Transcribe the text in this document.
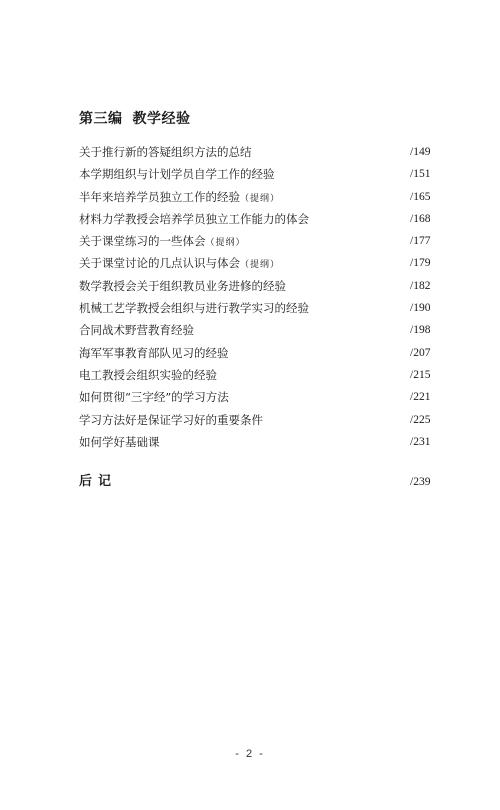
第三编 教学经验
关于推行新的答疑组织方法的总结	/149
本学期组织与计划学员自学工作的经验	/151
半年来培养学员独立工作的经验（提纲）	/165
材料力学教授会培养学员独立工作能力的体会	/168
关于课堂练习的一些体会（提纲）	/177
关于课堂讨论的几点认识与体会（提纲）	/179
数学教授会关于组织教员业务进修的经验	/182
机械工艺学教授会组织与进行教学实习的经验	/190
合同战术野营教育经验	/198
海军军事教育部队见习的经验	/207
电工教授会组织实验的经验	/215
如何贯彻“三字经”的学习方法	/221
学习方法好是保证学习好的重要条件	/225
如何学好基础课	/231
后记	/239
- 2 -
